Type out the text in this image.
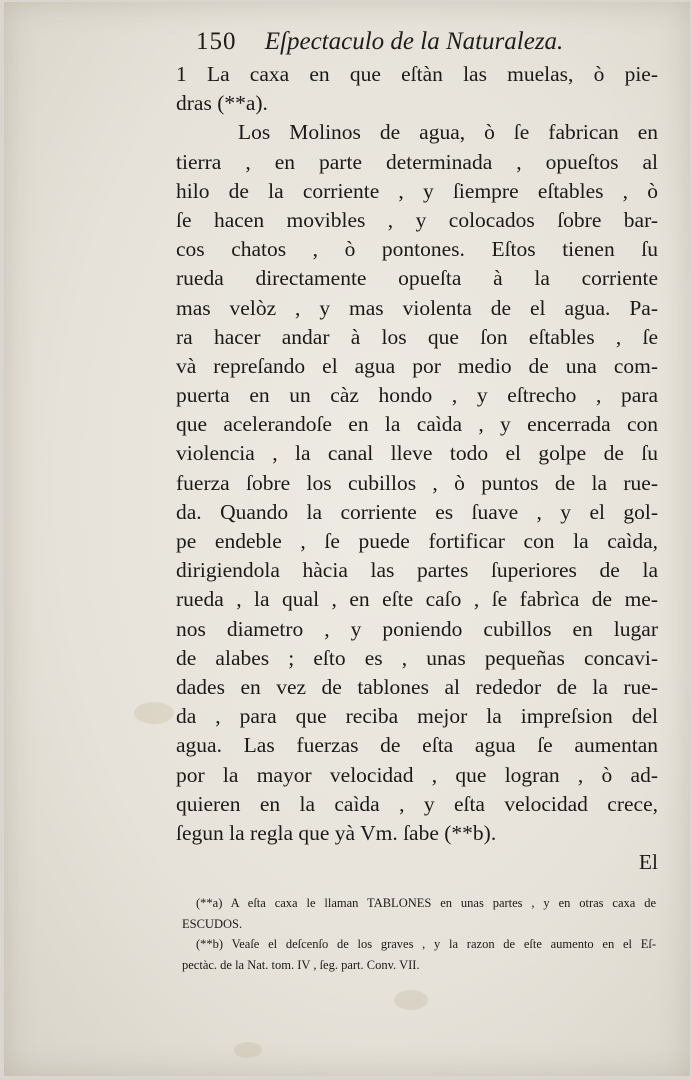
150 Eſpectaculo de la Naturaleza.
1 La caxa en que eſtàn las muelas, ò pie-
dras (**a).
Los Molinos de agua, ò ſe fabrican en
tierra , en parte determinada , opueſtos al
hilo de la corriente , y ſiempre eſtables , ò
ſe hacen movibles , y colocados ſobre bar-
cos chatos , ò pontones. Eſtos tienen ſu
rueda directamente opueſta à la corriente
mas velòz , y mas violenta de el agua. Pa-
ra hacer andar à los que ſon eſtables , ſe
và repreſando el agua por medio de una com-
puerta en un càz hondo , y eſtrecho , para
que acelerandoſe en la caìda , y encerrada con
violencia , la canal lleve todo el golpe de ſu
fuerza ſobre los cubillos , ò puntos de la rue-
da. Quando la corriente es ſuave , y el gol-
pe endeble , ſe puede fortificar con la caìda,
dirigiendola hàcia las partes ſuperiores de la
rueda , la qual , en eſte caſo , ſe fabrìca de me-
nos diametro , y poniendo cubillos en lugar
de alabes ; eſto es , unas pequeñas concavi-
dades en vez de tablones al rededor de la rue-
da , para que reciba mejor la impreſsion del
agua. Las fuerzas de eſta agua ſe aumentan
por la mayor velocidad , que logran , ò ad-
quieren en la caìda , y eſta velocidad crece,
ſegun la regla que yà Vm. ſabe (**b).
El
(**a) A eſta caxa le llaman TABLONES en unas partes , y en otras caxa de
ESCUDOS.
(**b) Veaſe el deſcenſo de los graves , y la razon de eſte aumento en el Eſ-
pectàc. de la Nat. tom. IV , ſeg. part. Conv. VII.
